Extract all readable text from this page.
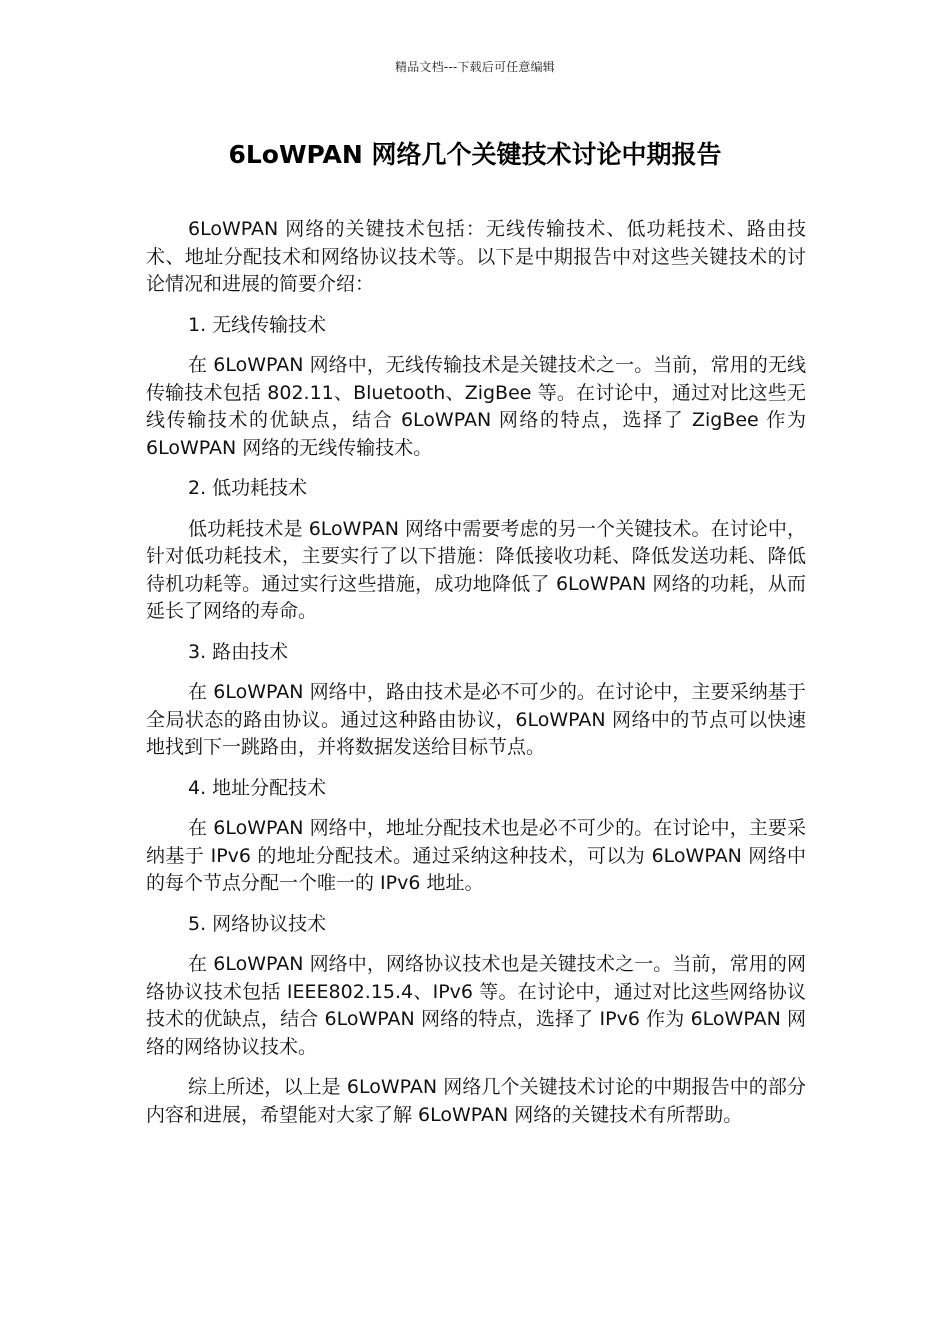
精品文档---下载后可任意编辑
6LoWPAN 网络几个关键技术讨论中期报告

6LoWPAN 网络的关键技术包括：无线传输技术、低功耗技术、路由技术、地址分配技术和网络协议技术等。以下是中期报告中对这些关键技术的讨论情况和进展的简要介绍：

1. 无线传输技术

在 6LoWPAN 网络中，无线传输技术是关键技术之一。当前，常用的无线传输技术包括 802.11、Bluetooth、ZigBee 等。在讨论中，通过对比这些无线传输技术的优缺点，结合 6LoWPAN 网络的特点，选择了 ZigBee 作为 6LoWPAN 网络的无线传输技术。

2. 低功耗技术

低功耗技术是 6LoWPAN 网络中需要考虑的另一个关键技术。在讨论中，针对低功耗技术，主要实行了以下措施：降低接收功耗、降低发送功耗、降低待机功耗等。通过实行这些措施，成功地降低了 6LoWPAN 网络的功耗，从而延长了网络的寿命。

3. 路由技术

在 6LoWPAN 网络中，路由技术是必不可少的。在讨论中，主要采纳基于全局状态的路由协议。通过这种路由协议，6LoWPAN 网络中的节点可以快速地找到下一跳路由，并将数据发送给目标节点。

4. 地址分配技术

在 6LoWPAN 网络中，地址分配技术也是必不可少的。在讨论中，主要采纳基于 IPv6 的地址分配技术。通过采纳这种技术，可以为 6LoWPAN 网络中的每个节点分配一个唯一的 IPv6 地址。

5. 网络协议技术

在 6LoWPAN 网络中，网络协议技术也是关键技术之一。当前，常用的网络协议技术包括 IEEE802.15.4、IPv6 等。在讨论中，通过对比这些网络协议技术的优缺点，结合 6LoWPAN 网络的特点，选择了 IPv6 作为 6LoWPAN 网络的网络协议技术。

综上所述，以上是 6LoWPAN 网络几个关键技术讨论的中期报告中的部分内容和进展，希望能对大家了解 6LoWPAN 网络的关键技术有所帮助。
